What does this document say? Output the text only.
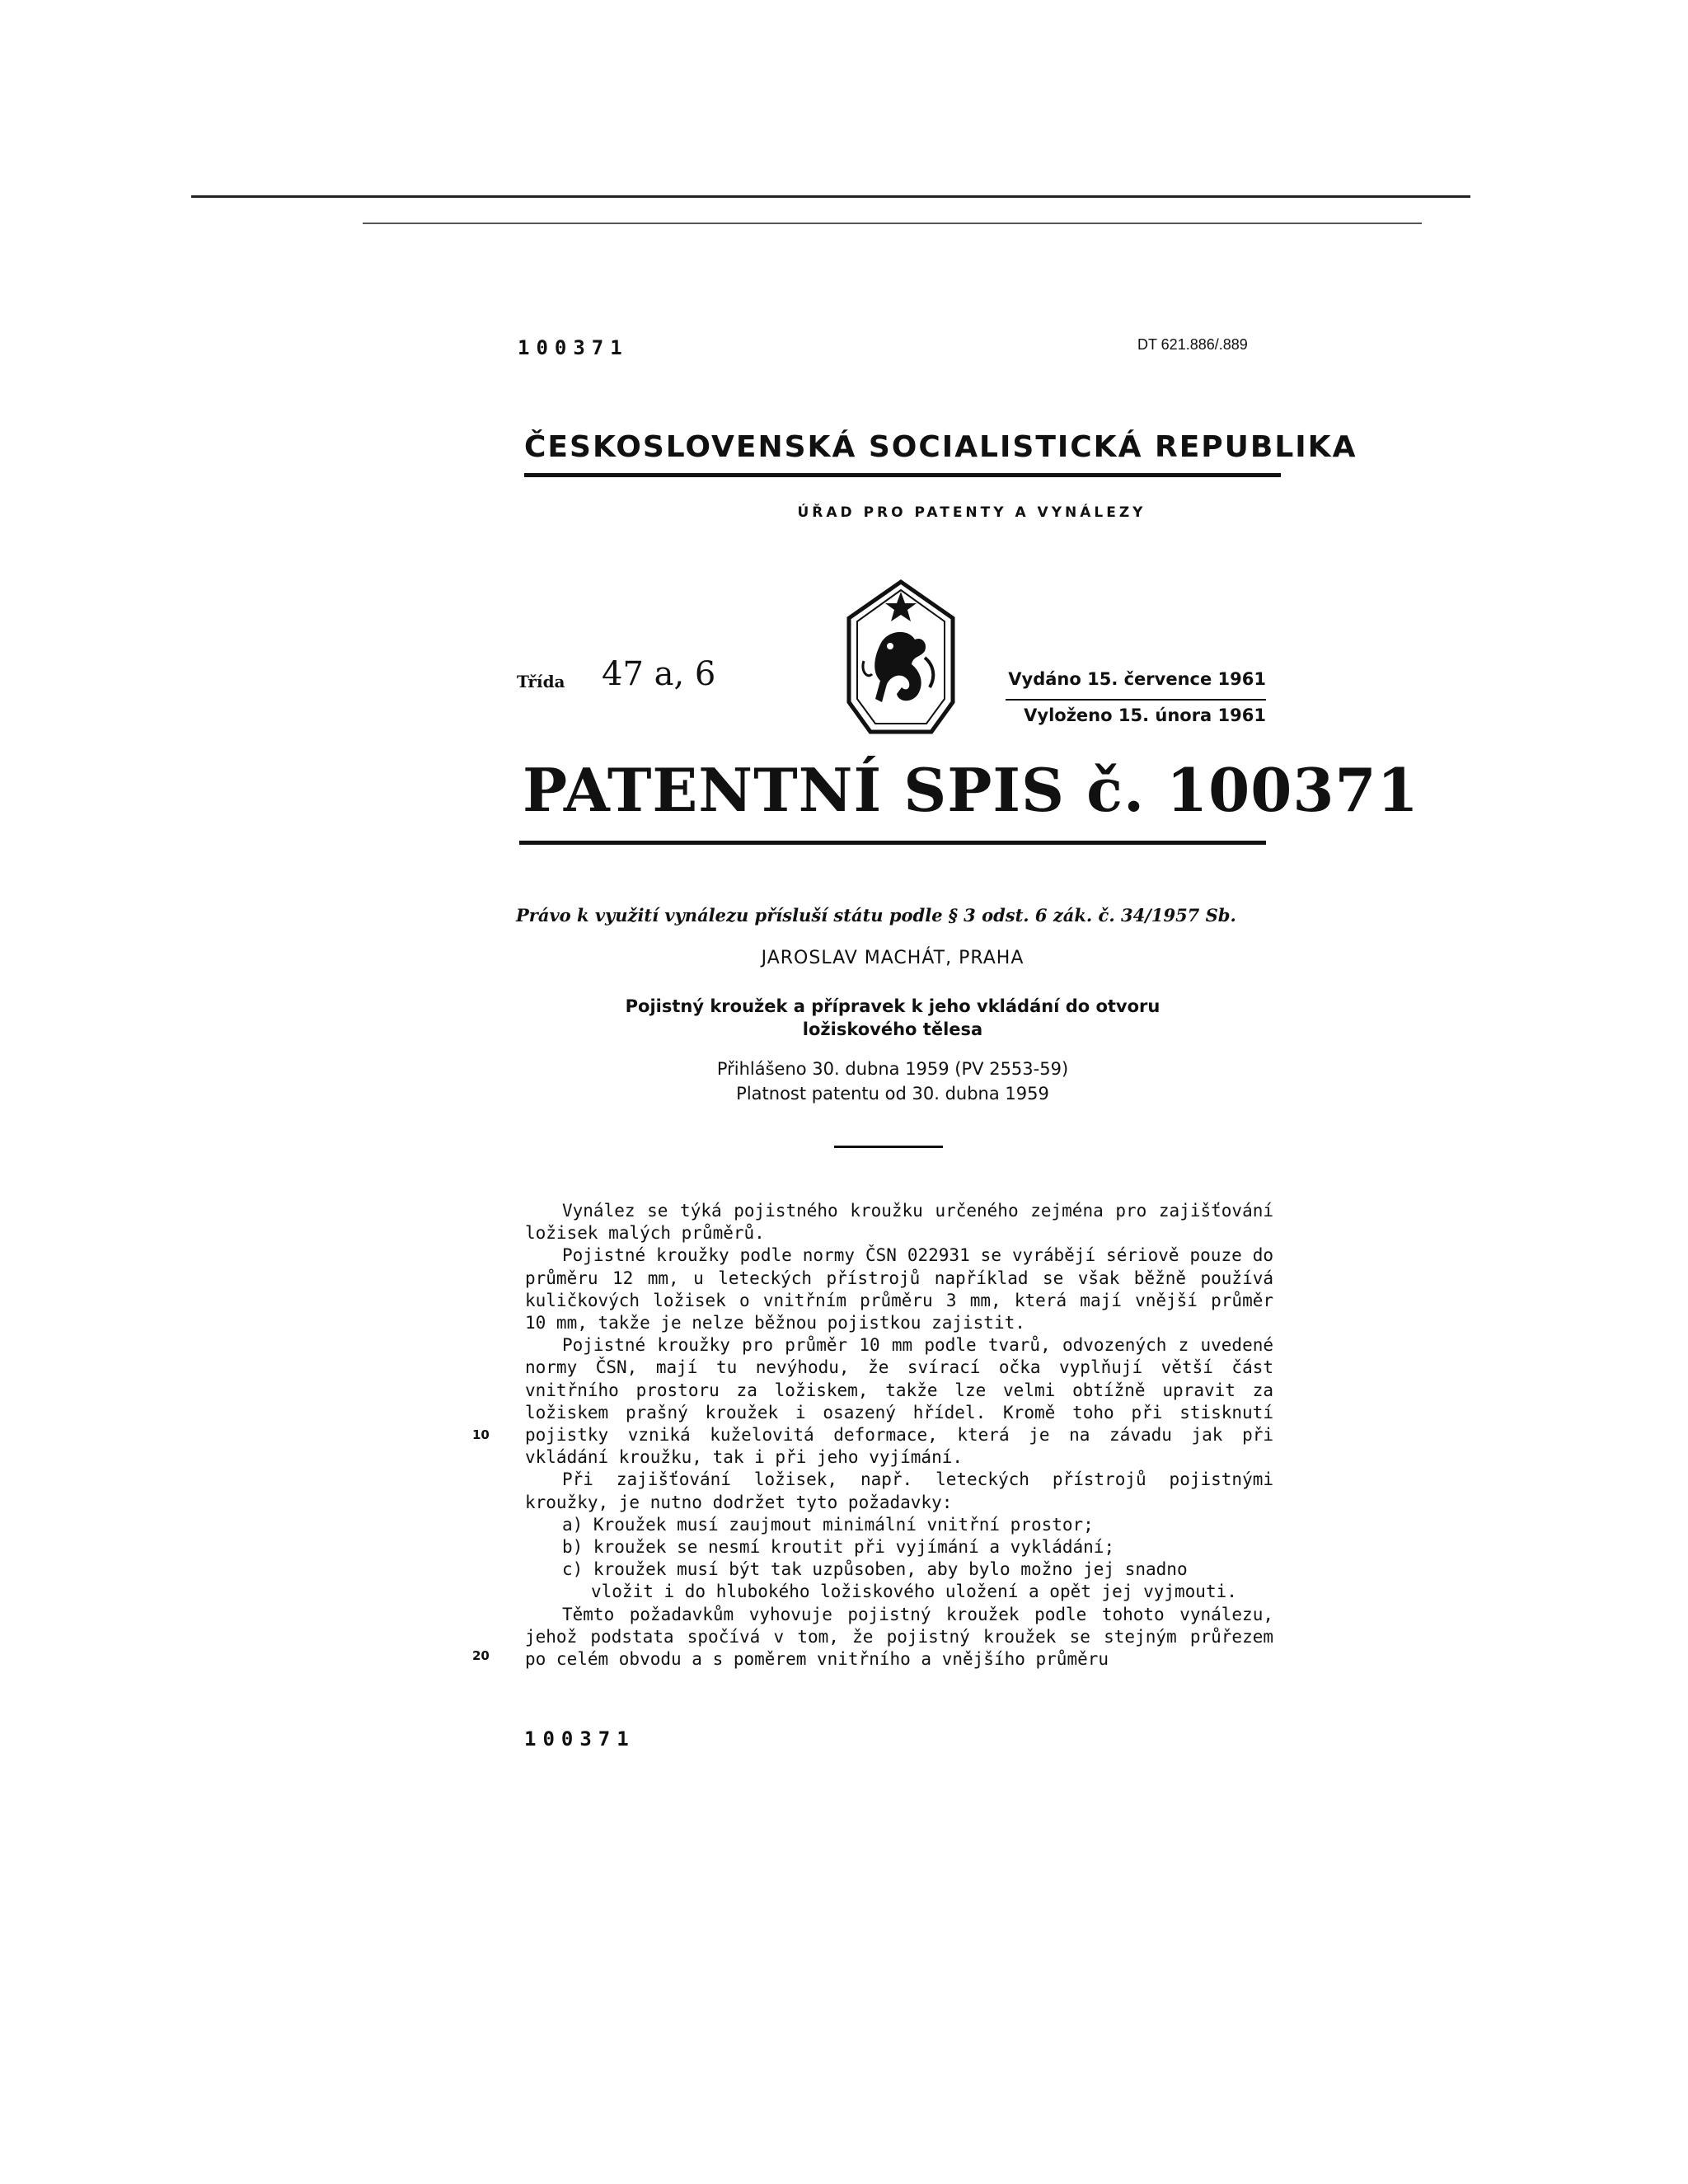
100371	DT 621.886/.889
ČESKOSLOVENSKÁ SOCIALISTICKÁ REPUBLIKA
ÚŘAD PRO PATENTY A VYNÁLEZY
Třída 47 a, 6	Vydáno 15. července 1961
Vyloženo 15. února 1961
PATENTNÍ SPIS č. 100371
Právo k využití vynálezu přísluší státu podle § 3 odst. 6 zák. č. 34/1957 Sb.
JAROSLAV MACHÁT, PRAHA
Pojistný kroužek a přípravek k jeho vkládání do otvoru
ložiskového tělesa
Přihlášeno 30. dubna 1959 (PV 2553-59)
Platnost patentu od 30. dubna 1959

Vynález se týká pojistného kroužku určeného zejména pro zajišťování ložisek malých průměrů.

Pojistné kroužky podle normy ČSN 022931 se vyrábějí sériově pouze do průměru 12 mm, u leteckých přístrojů například se však běžně používá kuličkových ložisek o vnitřním průměru 3 mm, která mají vnější průměr 10 mm, takže je nelze běžnou pojistkou zajistit.

Pojistné kroužky pro průměr 10 mm podle tvarů, odvozených z uvedené normy ČSN, mají tu nevýhodu, že svírací očka vyplňují větší část vnitřního prostoru za ložiskem, takže lze velmi obtížně upravit za ložiskem prašný kroužek i osazený hřídel. Kromě toho při stisknutí pojistky vzniká kuželovitá deformace, která je na závadu jak při vkládání kroužku, tak i při jeho vyjímání.

Při zajišťování ložisek, např. leteckých přístrojů pojistnými kroužky, je nutno dodržet tyto požadavky:

a) Kroužek musí zaujmout minimální vnitřní prostor;

b) kroužek se nesmí kroutit při vyjímání a vykládání;

c) kroužek musí být tak uzpůsoben, aby bylo možno jej snadno

vložit i do hlubokého ložiskového uložení a opět jej vyjmouti.

Těmto požadavkům vyhovuje pojistný kroužek podle tohoto vynálezu, jehož podstata spočívá v tom, že pojistný kroužek se stejným průřezem po celém obvodu a s poměrem vnitřního a vnějšího průměru

10
20
100371
